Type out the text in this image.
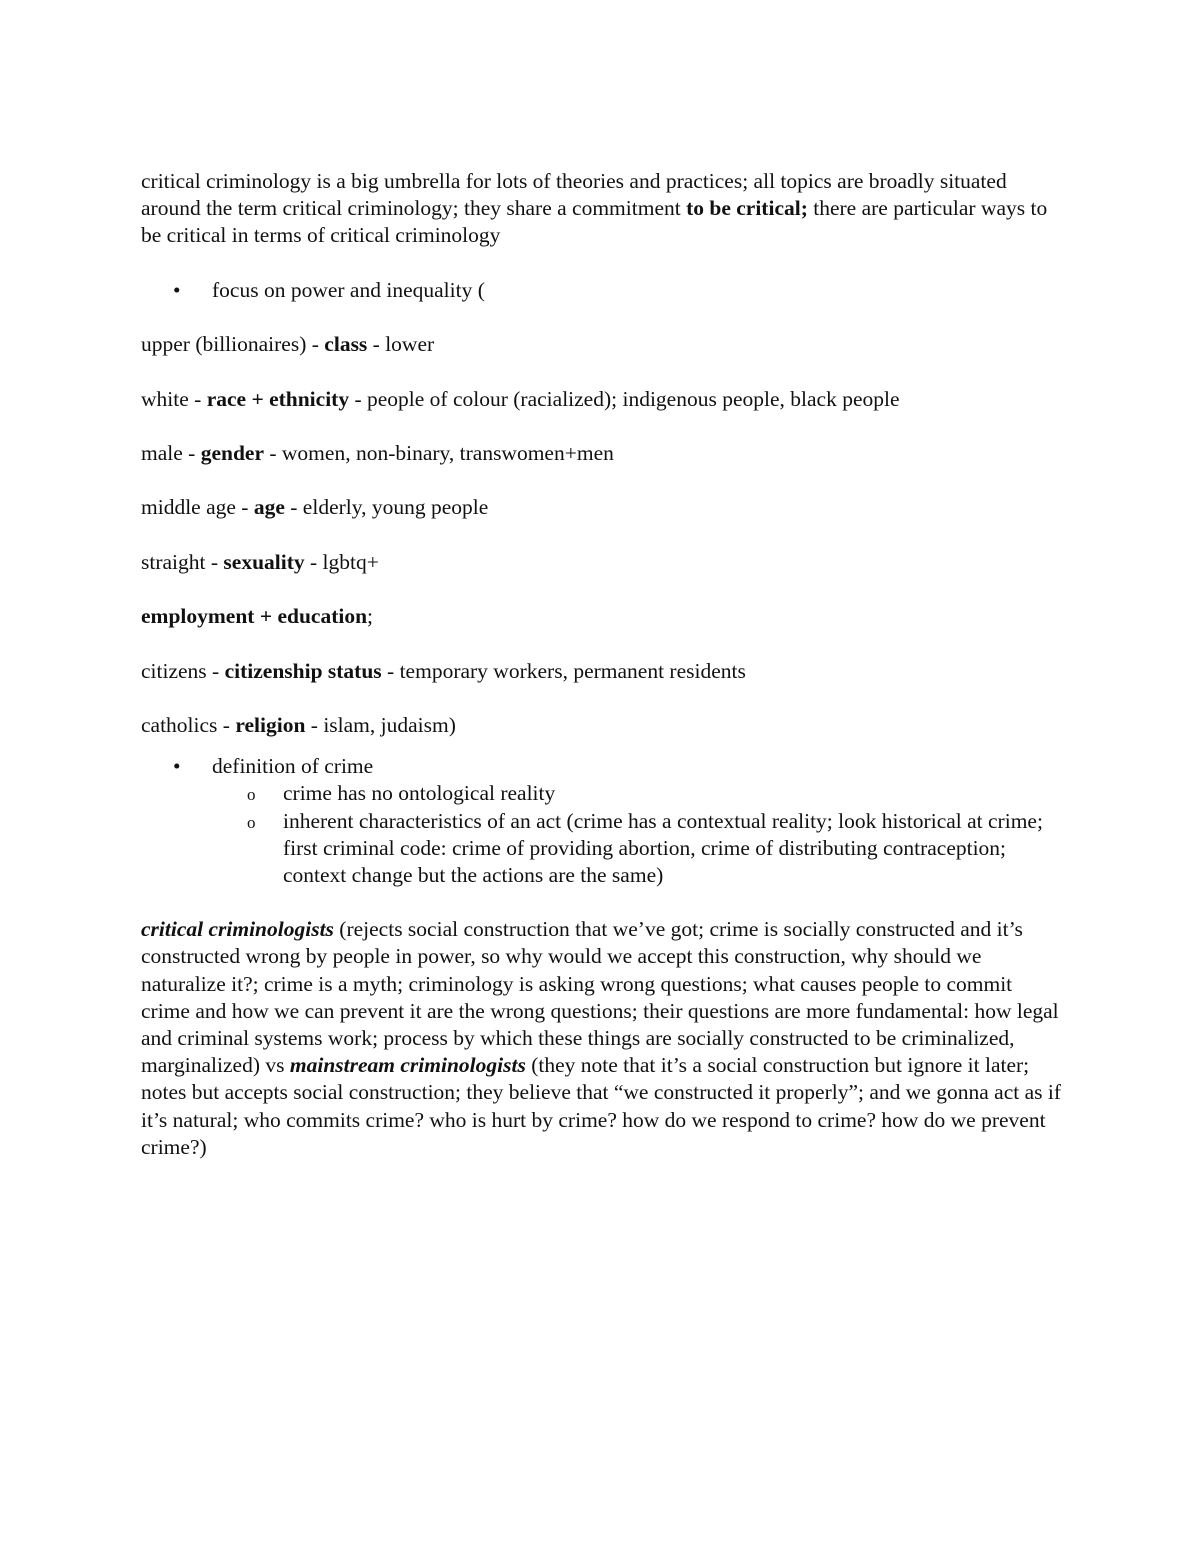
critical criminology is a big umbrella for lots of theories and practices; all topics are broadly situated around the term critical criminology; they share a commitment to be critical; there are particular ways to be critical in terms of critical criminology

• focus on power and inequality (

upper (billionaires) - class - lower

white - race + ethnicity - people of colour (racialized); indigenous people, black people

male - gender - women, non-binary, transwomen+men

middle age - age - elderly, young people

straight - sexuality - lgbtq+

employment + education;

citizens - citizenship status - temporary workers, permanent residents

catholics - religion - islam, judaism)

• definition of crime
o crime has no ontological reality
o inherent characteristics of an act (crime has a contextual reality; look historical at crime; first criminal code: crime of providing abortion, crime of distributing contraception; context change but the actions are the same)

critical criminologists (rejects social construction that we’ve got; crime is socially constructed and it’s constructed wrong by people in power, so why would we accept this construction, why should we naturalize it?; crime is a myth; criminology is asking wrong questions; what causes people to commit crime and how we can prevent it are the wrong questions; their questions are more fundamental: how legal and criminal systems work; process by which these things are socially constructed to be criminalized, marginalized) vs mainstream criminologists (they note that it’s a social construction but ignore it later; notes but accepts social construction; they believe that “we constructed it properly”; and we gonna act as if it’s natural; who commits crime? who is hurt by crime? how do we respond to crime? how do we prevent crime?)
